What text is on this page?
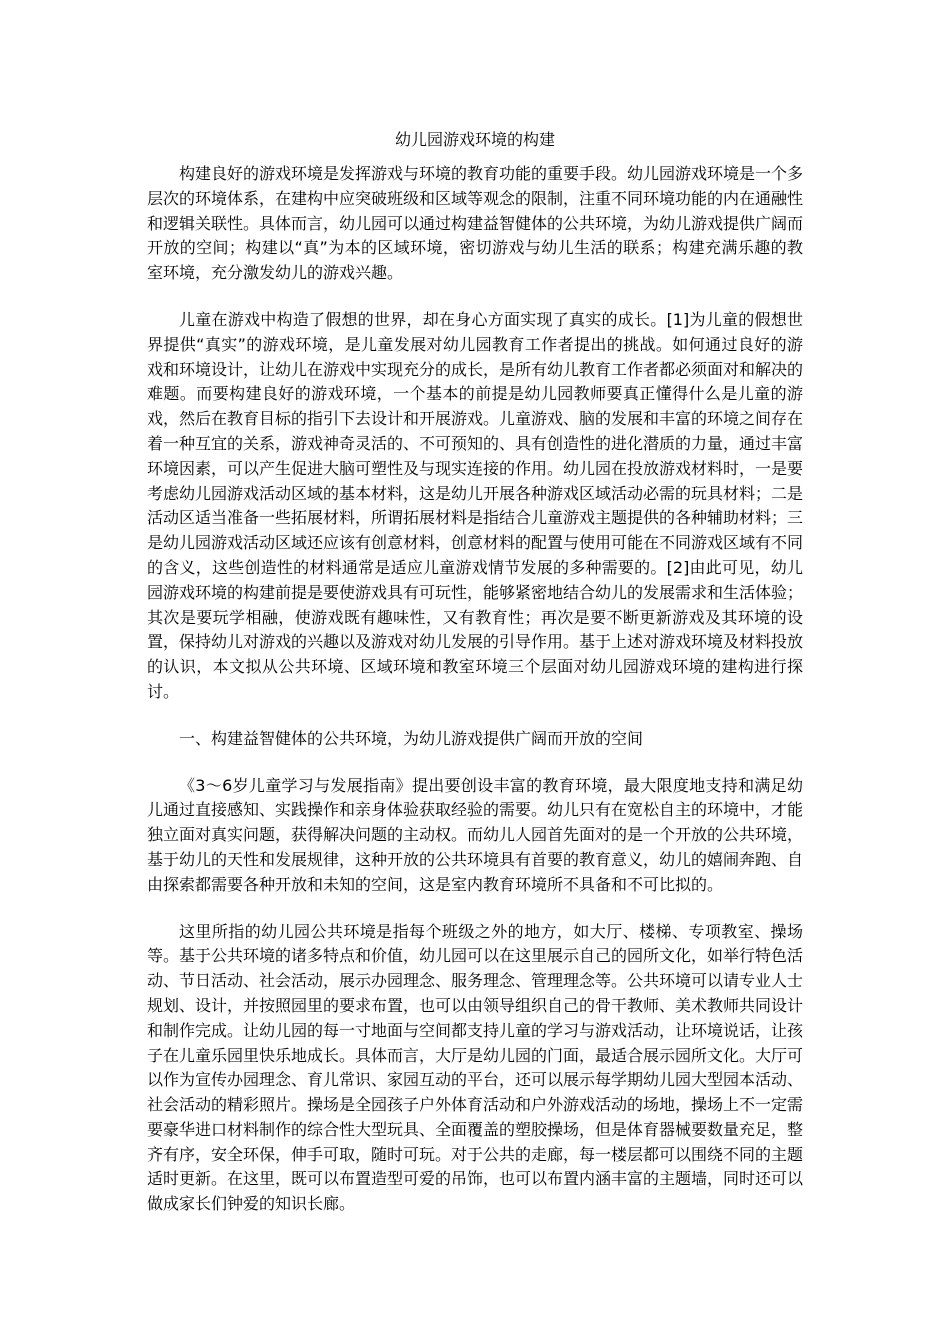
幼儿园游戏环境的构建

构建良好的游戏环境是发挥游戏与环境的教育功能的重要手段。幼儿园游戏环境是一个多层次的环境体系，在建构中应突破班级和区域等观念的限制，注重不同环境功能的内在通融性和逻辑关联性。具体而言，幼儿园可以通过构建益智健体的公共环境，为幼儿游戏提供广阔而开放的空间；构建以“真”为本的区域环境，密切游戏与幼儿生活的联系；构建充满乐趣的教室环境，充分激发幼儿的游戏兴趣。

儿童在游戏中构造了假想的世界，却在身心方面实现了真实的成长。[1]为儿童的假想世界提供“真实”的游戏环境，是儿童发展对幼儿园教育工作者提出的挑战。如何通过良好的游戏和环境设计，让幼儿在游戏中实现充分的成长，是所有幼儿教育工作者都必须面对和解决的难题。而要构建良好的游戏环境，一个基本的前提是幼儿园教师要真正懂得什么是儿童的游戏，然后在教育目标的指引下去设计和开展游戏。儿童游戏、脑的发展和丰富的环境之间存在着一种互宜的关系，游戏神奇灵活的、不可预知的、具有创造性的进化潜质的力量，通过丰富环境因素，可以产生促进大脑可塑性及与现实连接的作用。幼儿园在投放游戏材料时，一是要考虑幼儿园游戏活动区域的基本材料，这是幼儿开展各种游戏区域活动必需的玩具材料；二是活动区适当准备一些拓展材料，所谓拓展材料是指结合儿童游戏主题提供的各种辅助材料；三是幼儿园游戏活动区域还应该有创意材料，创意材料的配置与使用可能在不同游戏区域有不同的含义，这些创造性的材料通常是适应儿童游戏情节发展的多种需要的。[2]由此可见，幼儿园游戏环境的构建前提是要使游戏具有可玩性，能够紧密地结合幼儿的发展需求和生活体验；其次是要玩学相融，使游戏既有趣味性，又有教育性；再次是要不断更新游戏及其环境的设置，保持幼儿对游戏的兴趣以及游戏对幼儿发展的引导作用。基于上述对游戏环境及材料投放的认识，本文拟从公共环境、区域环境和教室环境三个层面对幼儿园游戏环境的建构进行探讨。

一、构建益智健体的公共环境，为幼儿游戏提供广阔而开放的空间

《3～6岁儿童学习与发展指南》提出要创设丰富的教育环境，最大限度地支持和满足幼儿通过直接感知、实践操作和亲身体验获取经验的需要。幼儿只有在宽松自主的环境中，才能独立面对真实问题，获得解决问题的主动权。而幼儿人园首先面对的是一个开放的公共环境，基于幼儿的天性和发展规律，这种开放的公共环境具有首要的教育意义，幼儿的嬉闹奔跑、自由探索都需要各种开放和未知的空间，这是室内教育环境所不具备和不可比拟的。

这里所指的幼儿园公共环境是指每个班级之外的地方，如大厅、楼梯、专项教室、操场等。基于公共环境的诸多特点和价值，幼儿园可以在这里展示自己的园所文化，如举行特色活动、节日活动、社会活动，展示办园理念、服务理念、管理理念等。公共环境可以请专业人士规划、设计，并按照园里的要求布置，也可以由领导组织自己的骨干教师、美术教师共同设计和制作完成。让幼儿园的每一寸地面与空间都支持儿童的学习与游戏活动，让环境说话，让孩子在儿童乐园里快乐地成长。具体而言，大厅是幼儿园的门面，最适合展示园所文化。大厅可以作为宣传办园理念、育儿常识、家园互动的平台，还可以展示每学期幼儿园大型园本活动、社会活动的精彩照片。操场是全园孩子户外体育活动和户外游戏活动的场地，操场上不一定需要豪华进口材料制作的综合性大型玩具、全面覆盖的塑胶操场，但是体育器械要数量充足，整齐有序，安全环保，伸手可取，随时可玩。对于公共的走廊，每一楼层都可以围绕不同的主题适时更新。在这里，既可以布置造型可爱的吊饰，也可以布置内涵丰富的主题墙，同时还可以做成家长们钟爱的知识长廊。
